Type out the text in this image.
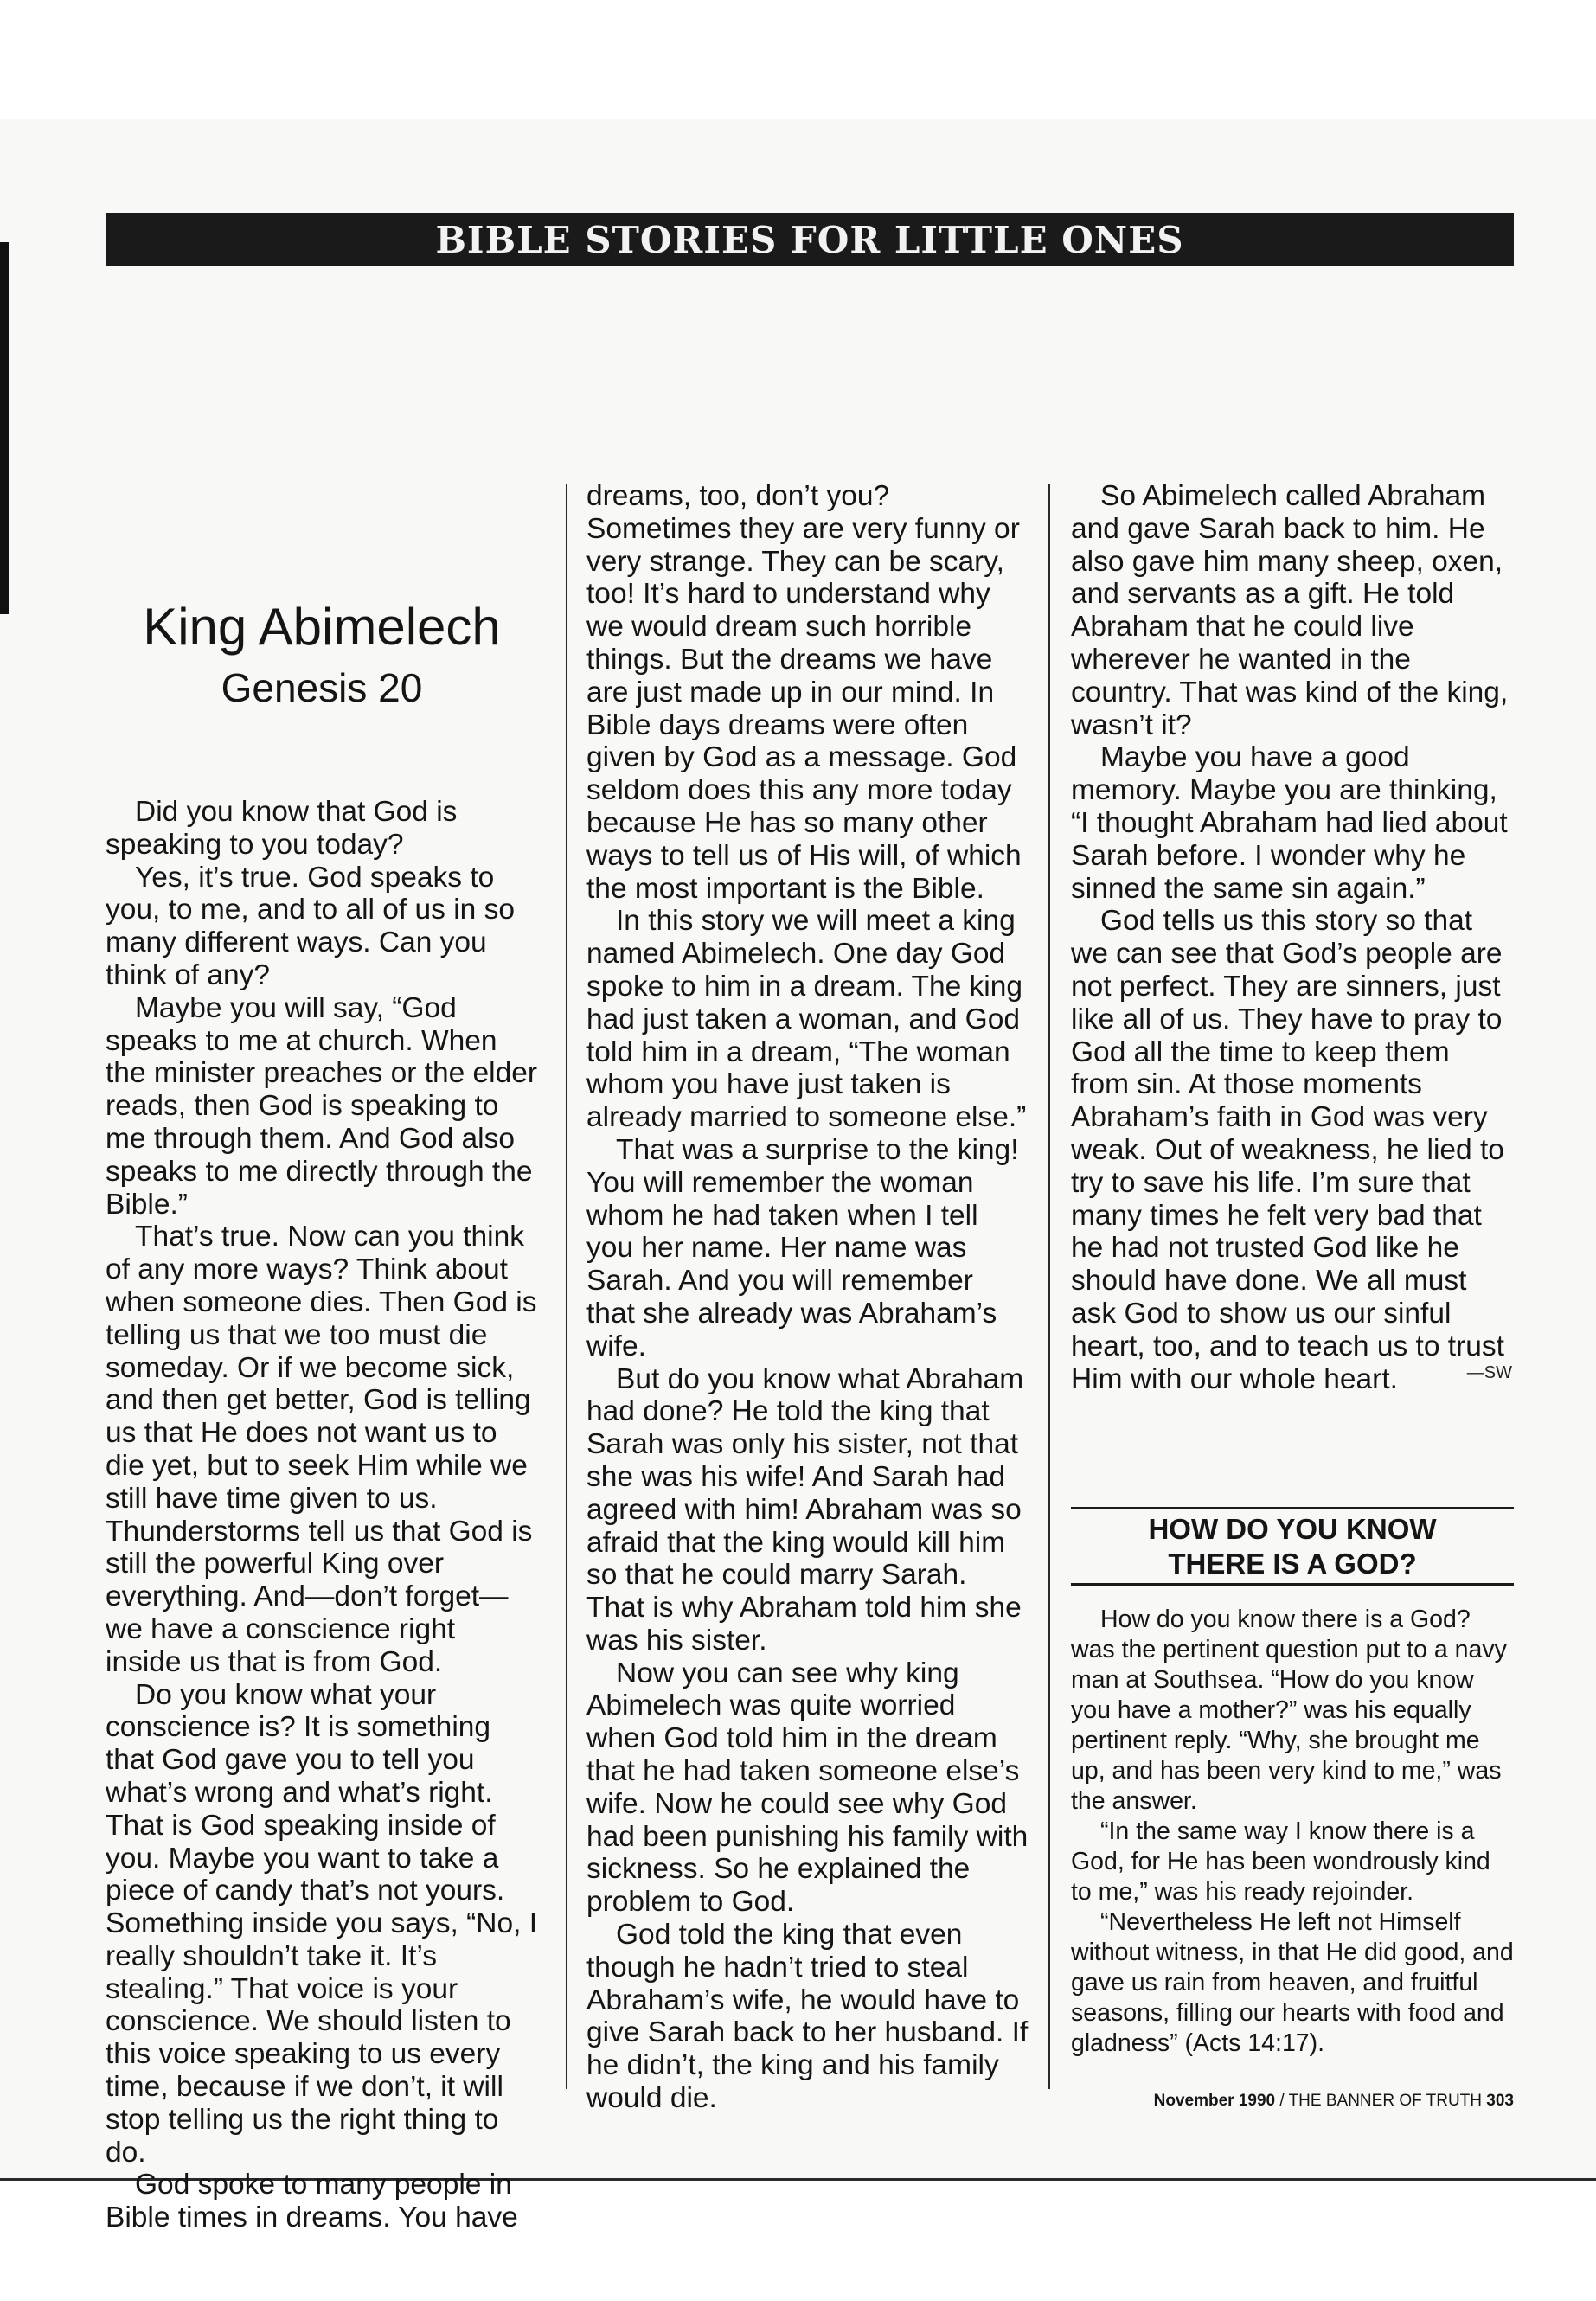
BIBLE STORIES FOR LITTLE ONES
King Abimelech
Genesis 20

Did you know that God is speaking to you today?

Yes, it’s true. God speaks to you, to me, and to all of us in so many different ways. Can you think of any?

Maybe you will say, “God speaks to me at church. When the minister preaches or the elder reads, then God is speaking to me through them. And God also speaks to me directly through the Bible.”

That’s true. Now can you think of any more ways? Think about when someone dies. Then God is telling us that we too must die someday. Or if we become sick, and then get better, God is telling us that He does not want us to die yet, but to seek Him while we still have time given to us. Thunderstorms tell us that God is still the powerful King over everything. And—don’t forget—we have a conscience right inside us that is from God.

Do you know what your conscience is? It is something that God gave you to tell you what’s wrong and what’s right. That is God speaking inside of you. Maybe you want to take a piece of candy that’s not yours. Something inside you says, “No, I really shouldn’t take it. It’s stealing.” That voice is your conscience. We should listen to this voice speaking to us every time, because if we don’t, it will stop telling us the right thing to do.

God spoke to many people in Bible times in dreams. You have

dreams, too, don’t you? Sometimes they are very funny or very strange. They can be scary, too! It’s hard to understand why we would dream such horrible things. But the dreams we have are just made up in our mind. In Bible days dreams were often given by God as a message. God seldom does this any more today because He has so many other ways to tell us of His will, of which the most important is the Bible.

In this story we will meet a king named Abimelech. One day God spoke to him in a dream. The king had just taken a woman, and God told him in a dream, “The woman whom you have just taken is already married to someone else.”

That was a surprise to the king! You will remember the woman whom he had taken when I tell you her name. Her name was Sarah. And you will remember that she already was Abraham’s wife.

But do you know what Abraham had done? He told the king that Sarah was only his sister, not that she was his wife! And Sarah had agreed with him! Abraham was so afraid that the king would kill him so that he could marry Sarah. That is why Abraham told him she was his sister.

Now you can see why king Abimelech was quite worried when God told him in the dream that he had taken someone else’s wife. Now he could see why God had been punishing his family with sickness. So he explained the problem to God.

God told the king that even though he hadn’t tried to steal Abraham’s wife, he would have to give Sarah back to her husband. If he didn’t, the king and his family would die.

So Abimelech called Abraham and gave Sarah back to him. He also gave him many sheep, oxen, and servants as a gift. He told Abraham that he could live wherever he wanted in the country. That was kind of the king, wasn’t it?

Maybe you have a good memory. Maybe you are thinking, “I thought Abraham had lied about Sarah before. I wonder why he sinned the same sin again.”

God tells us this story so that we can see that God’s people are not perfect. They are sinners, just like all of us. They have to pray to God all the time to keep them from sin. At those moments Abraham’s faith in God was very weak. Out of weakness, he lied to try to save his life. I’m sure that many times he felt very bad that he had not trusted God like he should have done. We all must ask God to show us our sinful heart, too, and to teach us to trust Him with our whole heart.	—SW
HOW DO YOU KNOW
THERE IS A GOD?

How do you know there is a God? was the pertinent question put to a navy man at Southsea. “How do you know you have a mother?” was his equally pertinent reply. “Why, she brought me up, and has been very kind to me,” was the answer.

“In the same way I know there is a God, for He has been wondrously kind to me,” was his ready rejoinder.

“Nevertheless He left not Himself without witness, in that He did good, and gave us rain from heaven, and fruitful seasons, filling our hearts with food and gladness” (Acts 14:17).

November 1990 / THE BANNER OF TRUTH 303
